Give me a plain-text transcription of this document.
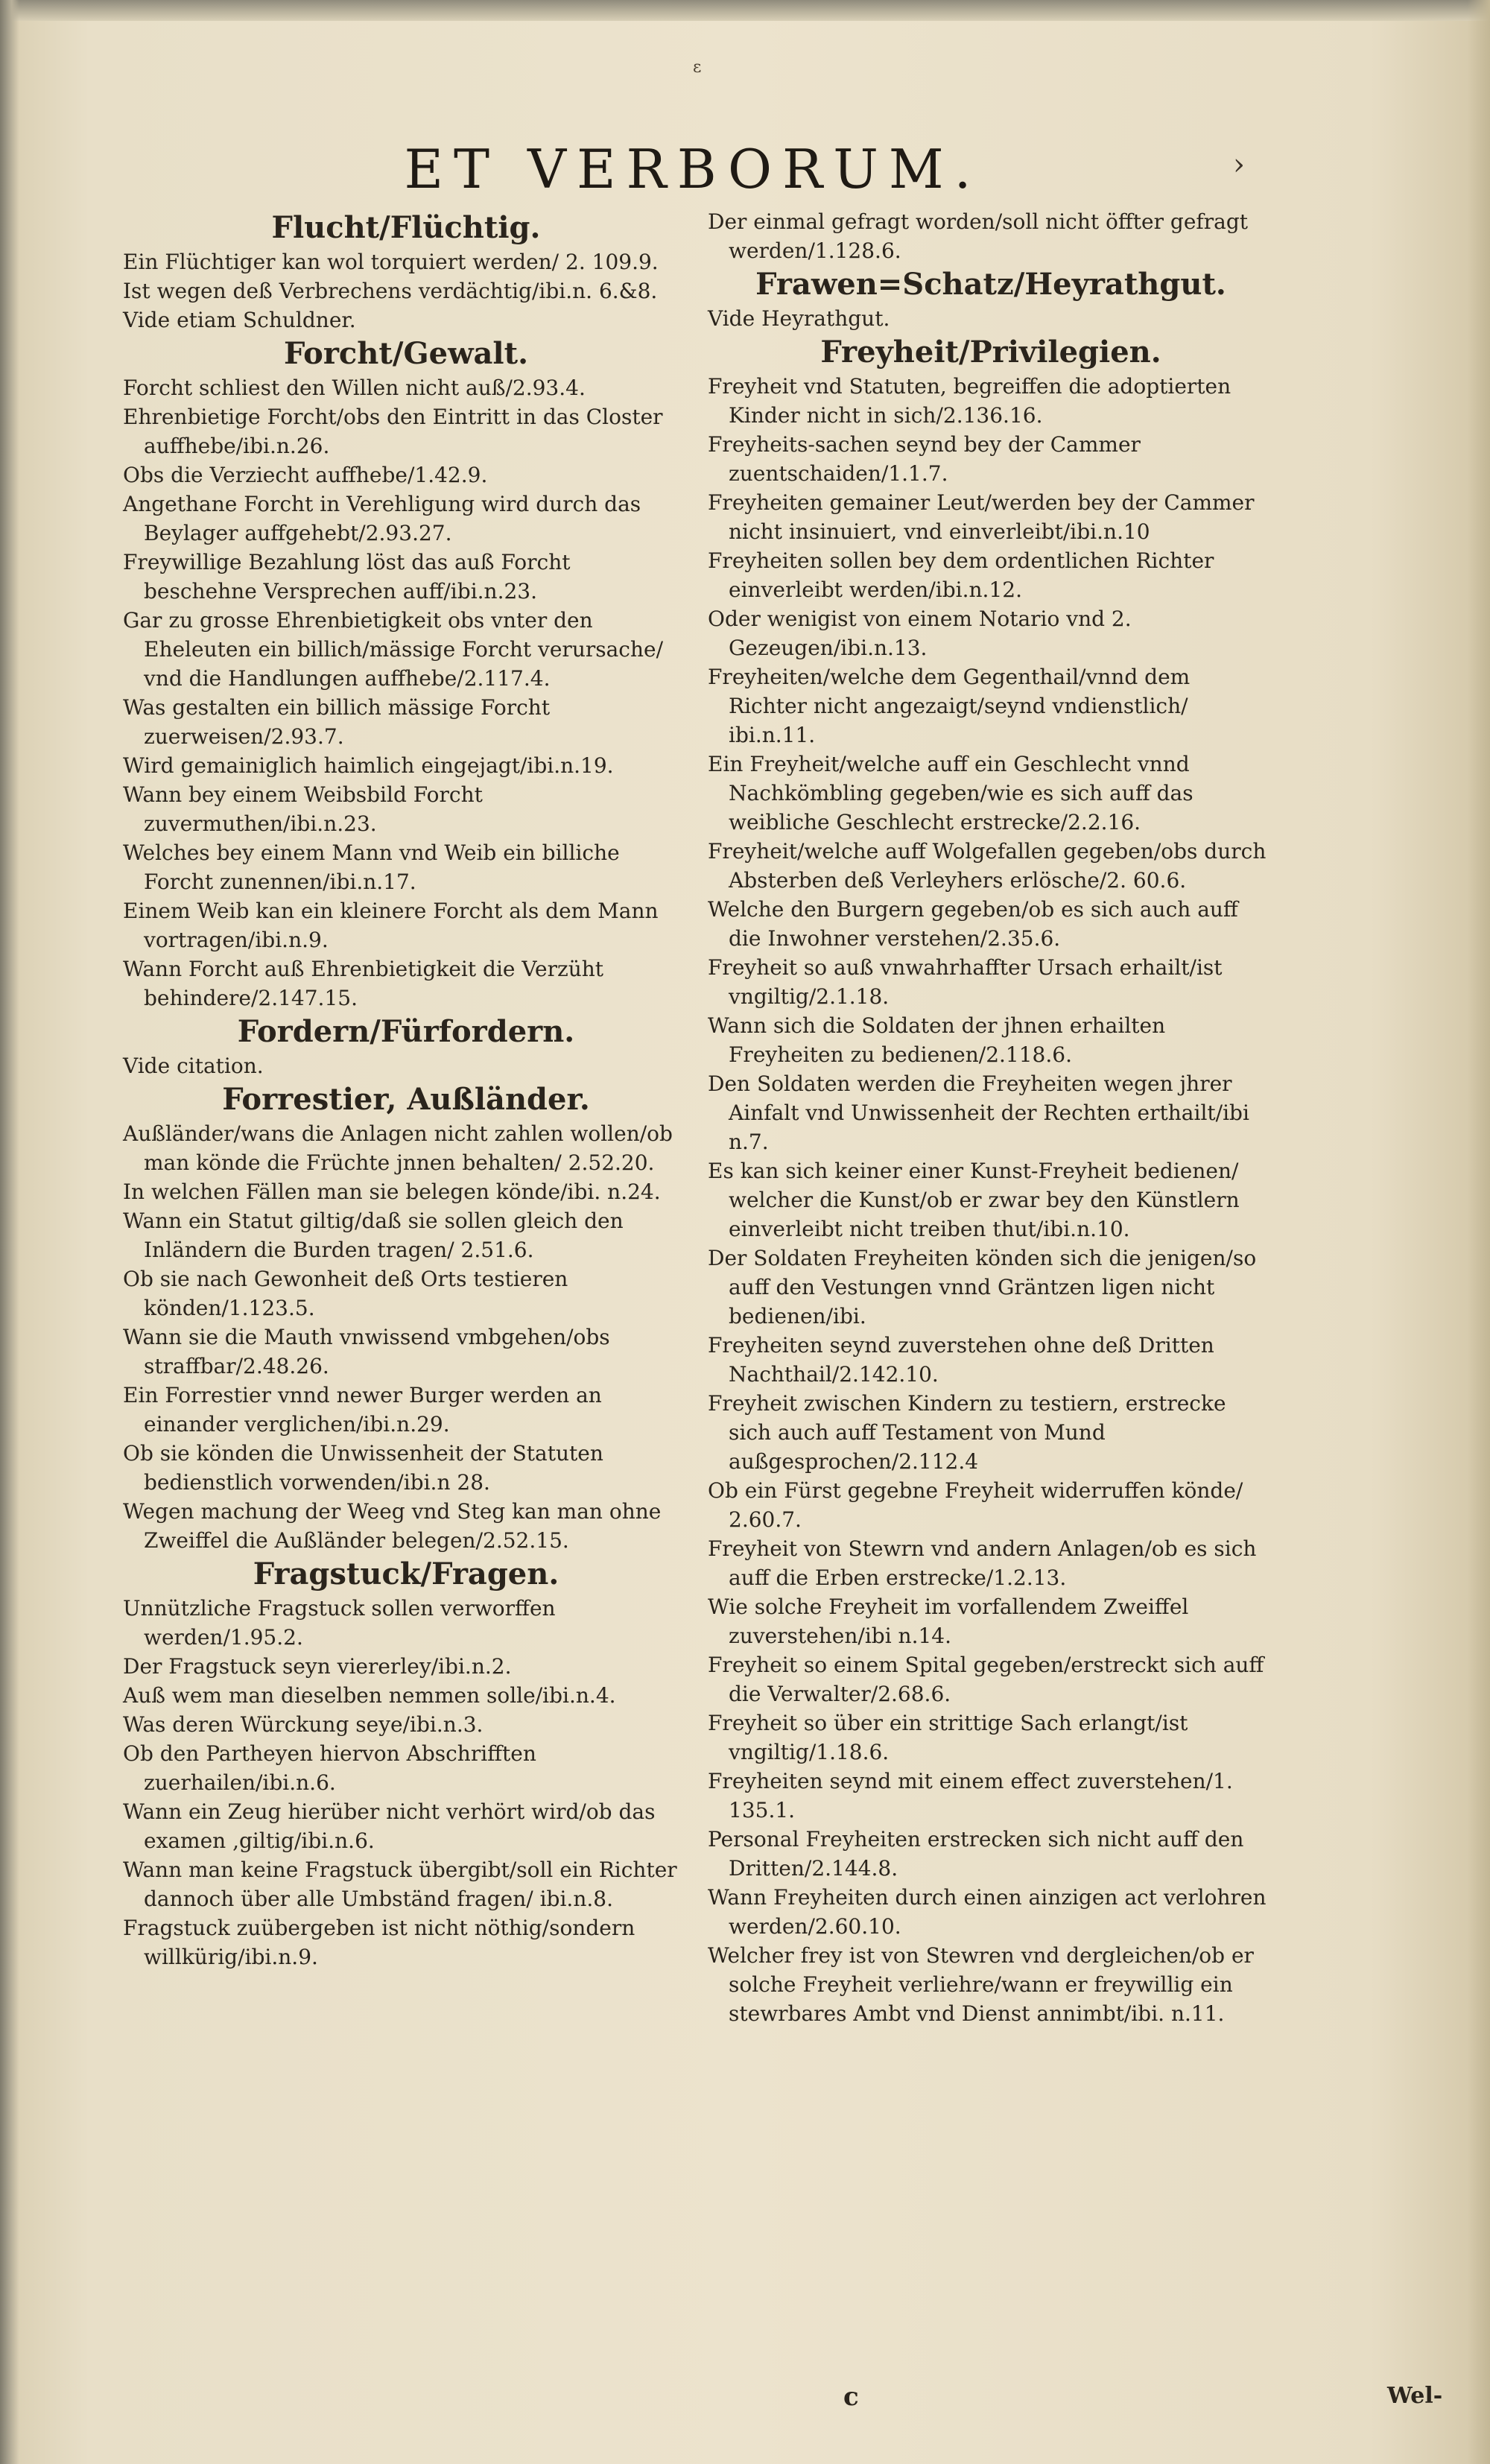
ε
ET VERBORUM.	›

Flucht/Flüchtig.

Ein Flüchtiger kan wol torquiert werden/ 2. 109.9.

Ist wegen deß Verbrechens verdächtig/ibi.n. 6.&8.

Vide etiam Schuldner.

Forcht/Gewalt.

Forcht schliest den Willen nicht auß/2.93.4.

Ehrenbietige Forcht/obs den Eintritt in das Closter auffhebe/ibi.n.26.

Obs die Verziecht auffhebe/1.42.9.

Angethane Forcht in Verehligung wird durch das Beylager auffgehebt/2.93.27.

Freywillige Bezahlung löst das auß Forcht beschehne Versprechen auff/ibi.n.23.

Gar zu grosse Ehrenbietigkeit obs vnter den Eheleuten ein billich/mässige Forcht verursache/ vnd die Handlungen auffhebe/2.117.4.

Was gestalten ein billich mässige Forcht zuerweisen/2.93.7.

Wird gemainiglich haimlich eingejagt/ibi.n.19.

Wann bey einem Weibsbild Forcht zuvermuthen/ibi.n.23.

Welches bey einem Mann vnd Weib ein billiche Forcht zunennen/ibi.n.17.

Einem Weib kan ein kleinere Forcht als dem Mann vortragen/ibi.n.9.

Wann Forcht auß Ehrenbietigkeit die Verzüht behindere/2.147.15.

Fordern/Fürfordern.

Vide citation.

Forrestier, Außländer.

Außländer/wans die Anlagen nicht zahlen wollen/ob man könde die Früchte jnnen behalten/ 2.52.20.

In welchen Fällen man sie belegen könde/ibi. n.24.

Wann ein Statut giltig/daß sie sollen gleich den Inländern die Burden tragen/ 2.51.6.

Ob sie nach Gewonheit deß Orts testieren könden/1.123.5.

Wann sie die Mauth vnwissend vmbgehen/obs straffbar/2.48.26.

Ein Forrestier vnnd newer Burger werden an einander verglichen/ibi.n.29.

Ob sie könden die Unwissenheit der Statuten bedienstlich vorwenden/ibi.n 28.

Wegen machung der Weeg vnd Steg kan man ohne Zweiffel die Außländer belegen/2.52.15.

Fragstuck/Fragen.

Unnützliche Fragstuck sollen verworffen werden/1.95.2.

Der Fragstuck seyn viererley/ibi.n.2.

Auß wem man dieselben nemmen solle/ibi.n.4.

Was deren Würckung seye/ibi.n.3.

Ob den Partheyen hiervon Abschrifften zuerhailen/ibi.n.6.

Wann ein Zeug hierüber nicht verhört wird/ob das examen ,giltig/ibi.n.6.

Wann man keine Fragstuck übergibt/soll ein Richter dannoch über alle Umbständ fragen/ ibi.n.8.

Fragstuck zuübergeben ist nicht nöthig/sondern willkürig/ibi.n.9.

Der einmal gefragt worden/soll nicht öffter gefragt werden/1.128.6.

Frawen=Schatz/Heyrathgut.

Vide Heyrathgut.

Freyheit/Privilegien.

Freyheit vnd Statuten, begreiffen die adoptierten Kinder nicht in sich/2.136.16.

Freyheits-sachen seynd bey der Cammer zuentschaiden/1.1.7.

Freyheiten gemainer Leut/werden bey der Cammer nicht insinuiert, vnd einverleibt/ibi.n.10

Freyheiten sollen bey dem ordentlichen Richter einverleibt werden/ibi.n.12.

Oder wenigist von einem Notario vnd 2. Gezeugen/ibi.n.13.

Freyheiten/welche dem Gegenthail/vnnd dem Richter nicht angezaigt/seynd vndienstlich/ ibi.n.11.

Ein Freyheit/welche auff ein Geschlecht vnnd Nachkömbling gegeben/wie es sich auff das weibliche Geschlecht erstrecke/2.2.16.

Freyheit/welche auff Wolgefallen gegeben/obs durch Absterben deß Verleyhers erlösche/2. 60.6.

Welche den Burgern gegeben/ob es sich auch auff die Inwohner verstehen/2.35.6.

Freyheit so auß vnwahrhaffter Ursach erhailt/ist vngiltig/2.1.18.

Wann sich die Soldaten der jhnen erhailten Freyheiten zu bedienen/2.118.6.

Den Soldaten werden die Freyheiten wegen jhrer Ainfalt vnd Unwissenheit der Rechten erthailt/ibi n.7.

Es kan sich keiner einer Kunst-Freyheit bedienen/ welcher die Kunst/ob er zwar bey den Künstlern einverleibt nicht treiben thut/ibi.n.10.

Der Soldaten Freyheiten könden sich die jenigen/so auff den Vestungen vnnd Gräntzen ligen nicht bedienen/ibi.

Freyheiten seynd zuverstehen ohne deß Dritten Nachthail/2.142.10.

Freyheit zwischen Kindern zu testiern, erstrecke sich auch auff Testament von Mund außgesprochen/2.112.4

Ob ein Fürst gegebne Freyheit widerruffen könde/ 2.60.7.

Freyheit von Stewrn vnd andern Anlagen/ob es sich auff die Erben erstrecke/1.2.13.

Wie solche Freyheit im vorfallendem Zweiffel zuverstehen/ibi n.14.

Freyheit so einem Spital gegeben/erstreckt sich auff die Verwalter/2.68.6.

Freyheit so über ein strittige Sach erlangt/ist vngiltig/1.18.6.

Freyheiten seynd mit einem effect zuverstehen/1. 135.1.

Personal Freyheiten erstrecken sich nicht auff den Dritten/2.144.8.

Wann Freyheiten durch einen ainzigen act verlohren werden/2.60.10.

Welcher frey ist von Stewren vnd dergleichen/ob er solche Freyheit verliehre/wann er freywillig ein stewrbares Ambt vnd Dienst annimbt/ibi. n.11.

c	Wel-
